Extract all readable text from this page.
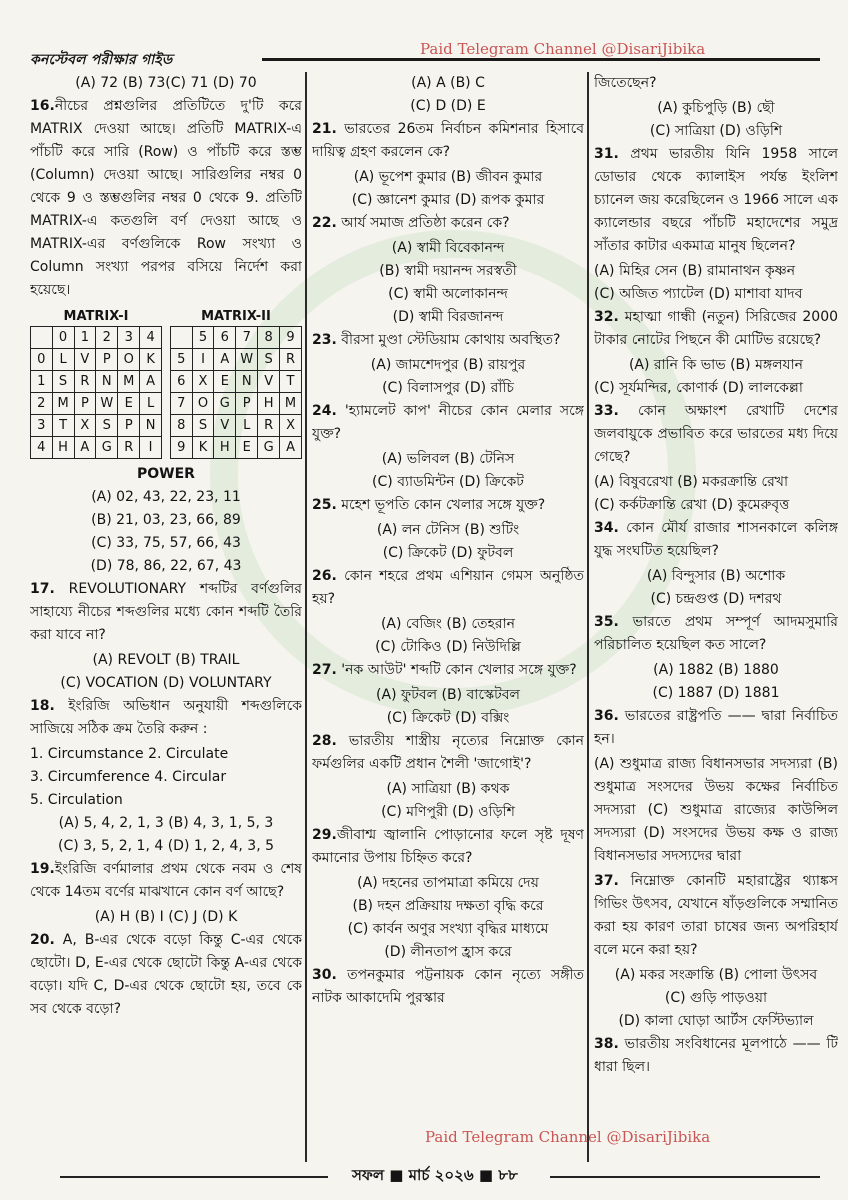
কনস্টেবল পরীক্ষার গাইড
Paid Telegram Channel @DisariJibika

(A) 72 (B) 73(C) 71 (D) 70

16.নীচের প্রশ্নগুলির প্রতিটিতে দু'টি করে MATRIX দেওয়া আছে। প্রতিটি MATRIX-এ পাঁচটি করে সারি (Row) ও পাঁচটি করে স্তম্ভ (Column) দেওয়া আছে। সারিগুলির নম্বর 0 থেকে 9 ও স্তম্ভগুলির নম্বর 0 থেকে 9. প্রতিটি MATRIX-এ কতগুলি বর্ণ দেওয়া আছে ও MATRIX-এর বর্ণগুলিকে Row সংখ্যা ও Column সংখ্যা পরপর বসিয়ে নির্দেশ করা হয়েছে।

MATRIX-I
	0	1	2	3	4
0	L	V	P	O	K
1	S	R	N	M	A
2	M	P	W	E	L
3	T	X	S	P	N
4	H	A	G	R	I
MATRIX-II
	5	6	7	8	9
5	I	A	W	S	R
6	X	E	N	V	T
7	O	G	P	H	M
8	S	V	L	R	X
9	K	H	E	G	A

POWER

(A) 02, 43, 22, 23, 11

(B) 21, 03, 23, 66, 89

(C) 33, 75, 57, 66, 43

(D) 78, 86, 22, 67, 43

17. REVOLUTIONARY শব্দটির বর্ণগুলির সাহায্যে নীচের শব্দগুলির মধ্যে কোন শব্দটি তৈরি করা যাবে না?

(A) REVOLT (B) TRAIL

(C) VOCATION (D) VOLUNTARY

18. ইংরিজি অভিধান অনুযায়ী শব্দগুলিকে সাজিয়ে সঠিক ক্রম তৈরি করুন :

1. Circumstance 2. Circulate

3. Circumference 4. Circular

5. Circulation

(A) 5, 4, 2, 1, 3 (B) 4, 3, 1, 5, 3

(C) 3, 5, 2, 1, 4 (D) 1, 2, 4, 3, 5

19.ইংরিজি বর্ণমালার প্রথম থেকে নবম ও শেষ থেকে 14তম বর্ণের মাঝখানে কোন বর্ণ আছে?

(A) H (B) I (C) J (D) K

20. A, B-এর থেকে বড়ো কিন্তু C-এর থেকে ছোটো। D, E-এর থেকে ছোটো কিন্তু A-এর থেকে বড়ো। যদি C, D-এর থেকে ছোটো হয়, তবে কে সব থেকে বড়ো?

(A) A (B) C

(C) D (D) E

21. ভারতের 26তম নির্বাচন কমিশনার হিসাবে দায়িত্ব গ্রহণ করলেন কে?

(A) ভূপেশ কুমার (B) জীবন কুমার

(C) জ্ঞানেশ কুমার (D) রূপক কুমার

22. আর্য সমাজ প্রতিষ্ঠা করেন কে?

(A) স্বামী বিবেকানন্দ

(B) স্বামী দয়ানন্দ সরস্বতী

(C) স্বামী অলোকানন্দ

(D) স্বামী বিরজানন্দ

23. বীরসা মুণ্ডা স্টেডিয়াম কোথায় অবস্থিত?

(A) জামশেদপুর (B) রায়পুর

(C) বিলাসপুর (D) রাঁচি

24. 'হ্যামলেট কাপ' নীচের কোন মেলার সঙ্গে যুক্ত?

(A) ভলিবল (B) টেনিস

(C) ব্যাডমিন্টন (D) ক্রিকেট

25. মহেশ ভূপতি কোন খেলার সঙ্গে যুক্ত?

(A) লন টেনিস (B) শুটিং

(C) ক্রিকেট (D) ফুটবল

26. কোন শহরে প্রথম এশিয়ান গেমস অনুষ্ঠিত হয়?

(A) বেজিং (B) তেহরান

(C) টোকিও (D) নিউদিল্লি

27. 'নক আউট' শব্দটি কোন খেলার সঙ্গে যুক্ত?

(A) ফুটবল (B) বাস্কেটবল

(C) ক্রিকেট (D) বক্সিং

28. ভারতীয় শাস্ত্রীয় নৃত্যের নিম্নোক্ত কোন ফর্মগুলির একটি প্রধান শৈলী 'জাগোই'?

(A) সাত্রিয়া (B) কথক

(C) মণিপুরী (D) ওড়িশি

29.জীবাশ্ম জ্বালানি পোড়ানোর ফলে সৃষ্ট দূষণ কমানোর উপায় চিহ্নিত করে?

(A) দহনের তাপমাত্রা কমিয়ে দেয়

(B) দহন প্রক্রিয়ায় দক্ষতা বৃদ্ধি করে

(C) কার্বন অণুর সংখ্যা বৃদ্ধির মাধ্যমে

(D) লীনতাপ হ্রাস করে

30. তপনকুমার পট্টনায়ক কোন নৃত্যে সঙ্গীত নাটক আকাদেমি পুরস্কার

জিতেছেন?

(A) কুচিপুড়ি (B) ছৌ

(C) সাত্রিয়া (D) ওড়িশি

31. প্রথম ভারতীয় যিনি 1958 সালে ডোভার থেকে ক্যালাইস পর্যন্ত ইংলিশ চ্যানেল জয় করেছিলেন ও 1966 সালে এক ক্যালেন্ডার বছরে পাঁচটি মহাদেশের সমুদ্র সাঁতার কাটার একমাত্র মানুষ ছিলেন?

(A) মিহির সেন (B) রামানাথন কৃষ্ণন

(C) অজিত প্যাটেল (D) মাশাবা যাদব

32. মহাত্মা গান্ধী (নতুন) সিরিজের 2000 টাকার নোটের পিছনে কী মোটিভ রয়েছে?

(A) রানি কি ভাভ (B) মঙ্গলযান

(C) সূর্যমন্দির, কোণার্ক (D) লালকেল্লা

33. কোন অক্ষাংশ রেখাটি দেশের জলবায়ুকে প্রভাবিত করে ভারতের মধ্য দিয়ে গেছে?

(A) বিষুবরেখা (B) মকরক্রান্তি রেখা

(C) কর্কটক্রান্তি রেখা (D) কুমেরুবৃত্ত

34. কোন মৌর্য রাজার শাসনকালে কলিঙ্গ যুদ্ধ সংঘটিত হয়েছিল?

(A) বিন্দুসার (B) অশোক

(C) চন্দ্রগুপ্ত (D) দশরথ

35. ভারতে প্রথম সম্পূর্ণ আদমসুমারি পরিচালিত হয়েছিল কত সালে?

(A) 1882 (B) 1880

(C) 1887 (D) 1881

36. ভারতের রাষ্ট্রপতি —— দ্বারা নির্বাচিত হন।

(A) শুধুমাত্র রাজ্য বিধানসভার সদস্যরা (B) শুধুমাত্র সংসদের উভয় কক্ষের নির্বাচিত সদস্যরা (C) শুধুমাত্র রাজ্যের কাউন্সিল সদস্যরা (D) সংসদের উভয় কক্ষ ও রাজ্য বিধানসভার সদস্যদের দ্বারা

37. নিম্নোক্ত কোনটি মহারাষ্ট্রের থ্যাঙ্কস গিভিং উৎসব, যেখানে ষাঁড়গুলিকে সম্মানিত করা হয় কারণ তারা চাষের জন্য অপরিহার্য বলে মনে করা হয়?

(A) মকর সংক্রান্তি (B) পোলা উৎসব

(C) গুড়ি পাড়ওয়া

(D) কালা ঘোড়া আর্টস ফেস্টিভ্যাল

38. ভারতীয় সংবিধানের মূলপাঠে —— টি ধারা ছিল।

Paid Telegram Channel @DisariJibika
সফল ■ মার্চ ২০২৬ ■ ৮৮
